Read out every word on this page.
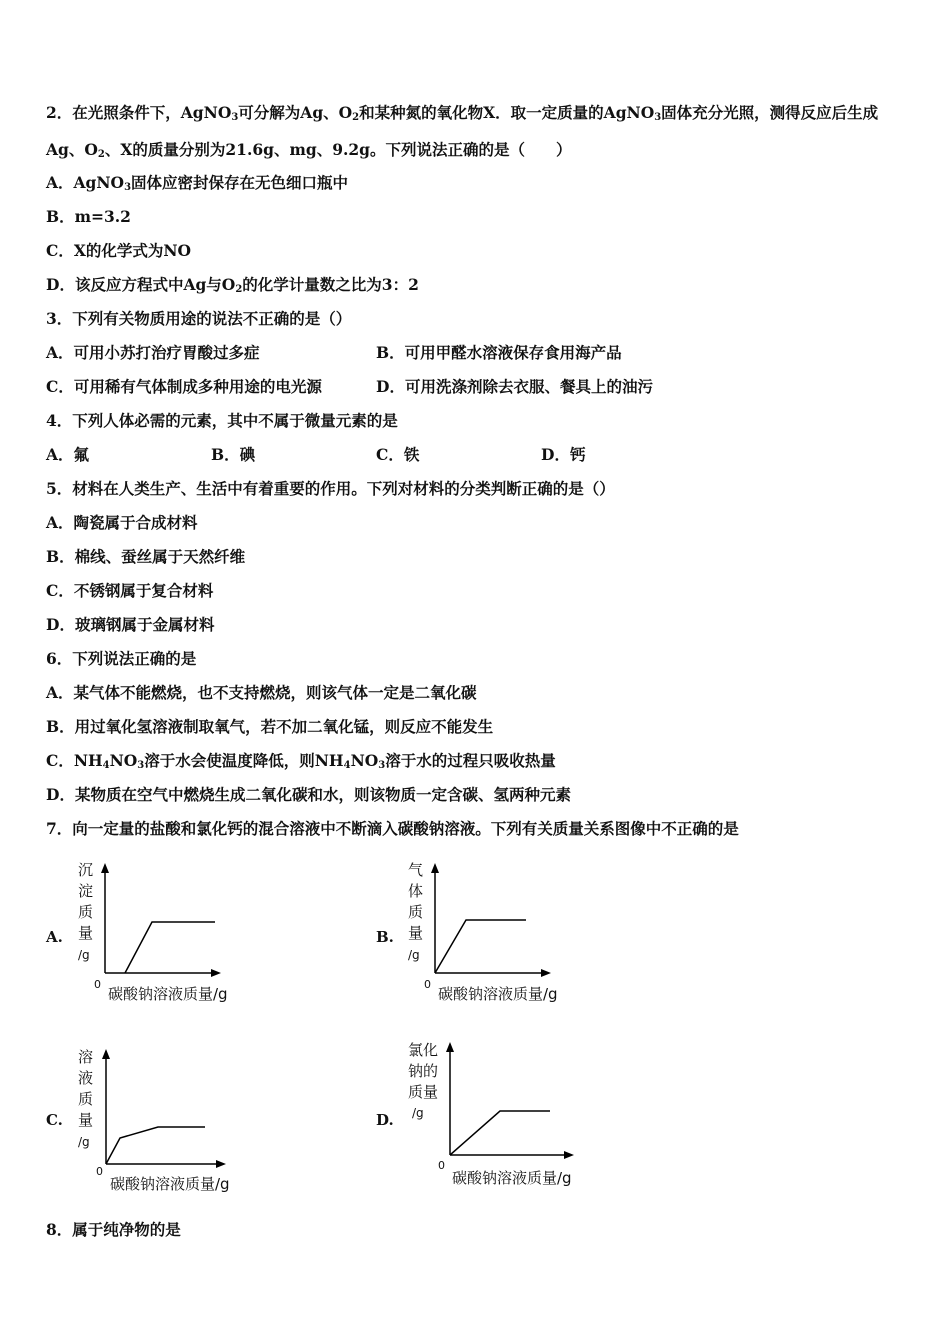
2．在光照条件下，AgNO$_3$可分解为Ag、$O_2$和某种氮的氧化物X．取一定质量的AgNO$_3$固体充分光照，测得反应后生成
Ag、$O_2$、X的质量分别为21.6g、mg、9.2g。下列说法正确的是（　　）
A．AgNO$_3$固体应密封保存在无色细口瓶中
B．m=3.2
C．X的化学式为NO
D．该反应方程式中Ag与$O_2$的化学计量数之比为3：2
3．下列有关物质用途的说法不正确的是（）
A．可用小苏打治疗胃酸过多症	B．可用甲醛水溶液保存食用海产品
C．可用稀有气体制成多种用途的电光源	D．可用洗涤剂除去衣服、餐具上的油污
4．下列人体必需的元素，其中不属于微量元素的是
A．氟	B．碘	C．铁	D．钙
5．材料在人类生产、生活中有着重要的作用。下列对材料的分类判断正确的是（）
A．陶瓷属于合成材料
B．棉线、蚕丝属于天然纤维
C．不锈钢属于复合材料
D．玻璃钢属于金属材料
6．下列说法正确的是
A．某气体不能燃烧，也不支持燃烧，则该气体一定是二氧化碳
B．用过氧化氢溶液制取氧气，若不加二氧化锰，则反应不能发生
C．$NH_4NO_3$溶于水会使温度降低，则$NH_4NO_3$溶于水的过程只吸收热量
D．某物质在空气中燃烧生成二氧化碳和水，则该物质一定含碳、氢两种元素
7．向一定量的盐酸和氯化钙的混合溶液中不断滴入碳酸钠溶液。下列有关质量关系图像中不正确的是
A.
沉
淀
质
量
/g
0
碳酸钠溶液质量/g
B.
气
体
质
量
/g
0
碳酸钠溶液质量/g
C.
溶
液
质
量
/g
0
碳酸钠溶液质量/g
D.
氯化
钠的
质量
/g
0
碳酸钠溶液质量/g
8．属于纯净物的是
